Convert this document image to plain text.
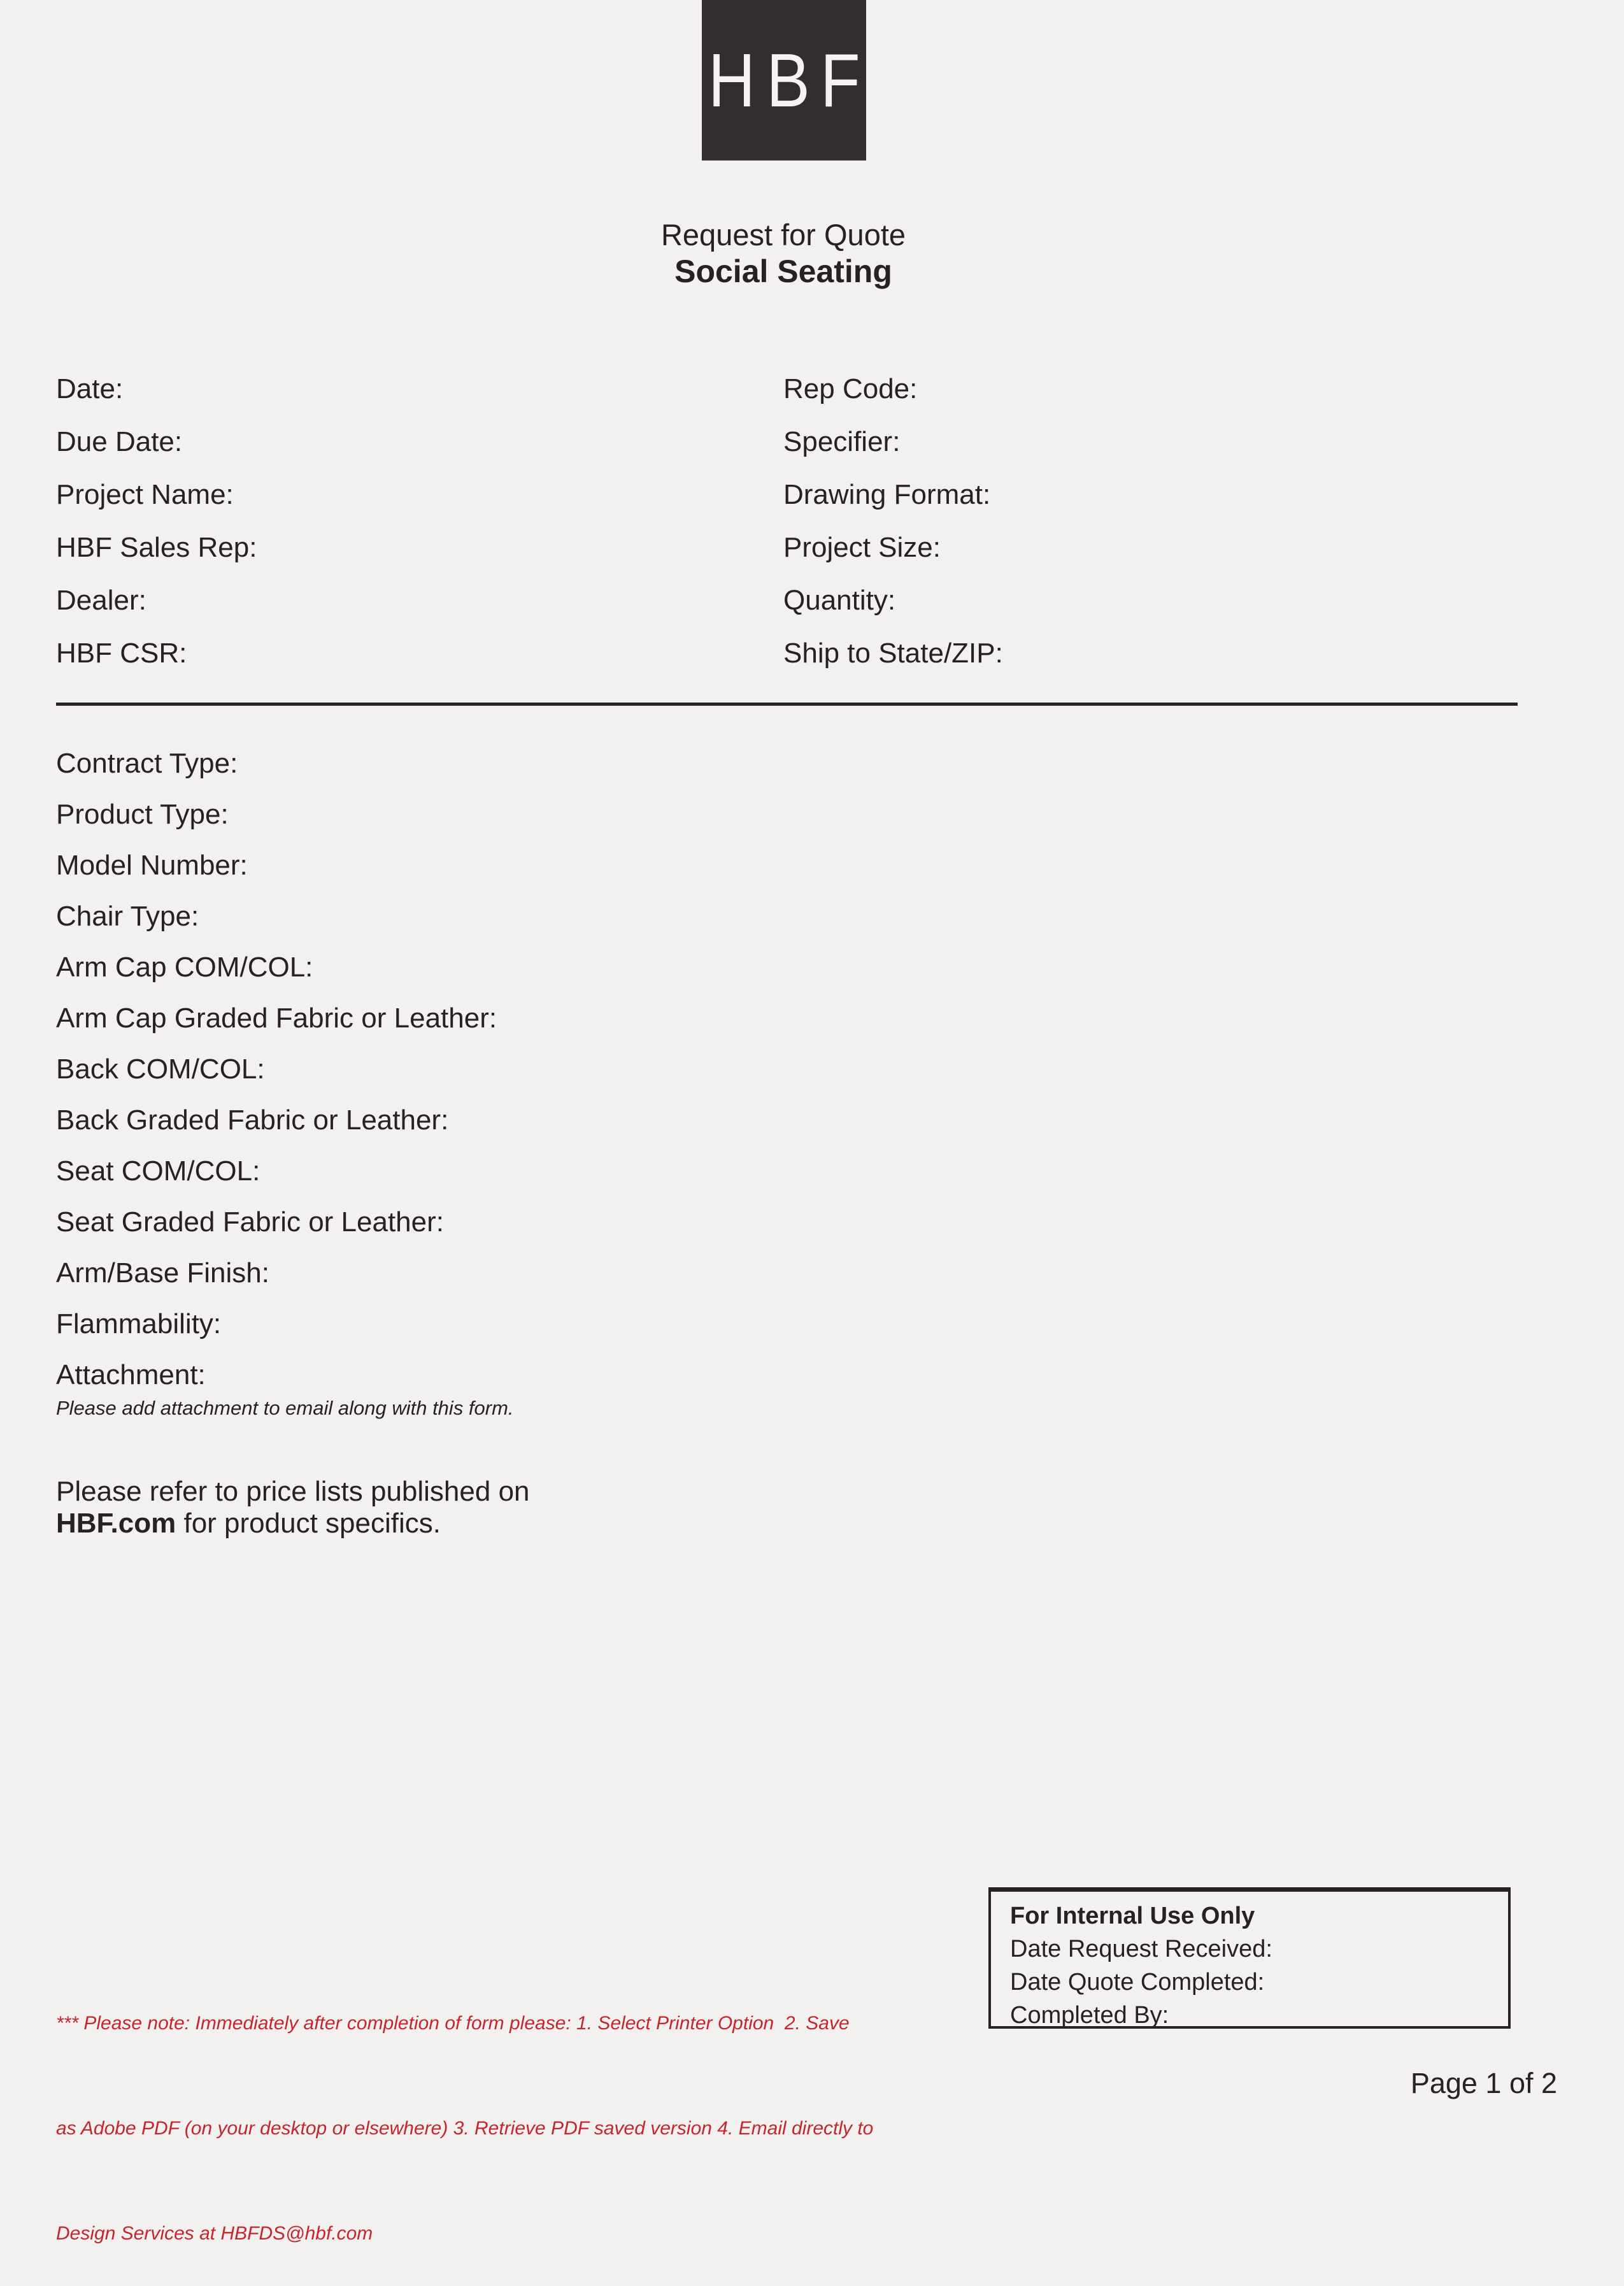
H B F
Request for Quote
Social Seating
Date:
Due Date:
Project Name:
HBF Sales Rep:
Dealer:
HBF CSR:
Rep Code:
Specifier:
Drawing Format:
Project Size:
Quantity:
Ship to State/ZIP:
Contract Type:
Product Type:
Model Number:
Chair Type:
Arm Cap COM/COL:
Arm Cap Graded Fabric or Leather:
Back COM/COL:
Back Graded Fabric or Leather:
Seat COM/COL:
Seat Graded Fabric or Leather:
Arm/Base Finish:
Flammability:
Attachment:
Please add attachment to email along with this form.
Please refer to price lists published on
HBF.com for product specifics.

*** Please note: Immediately after completion of form please: 1. Select Printer Option  2. Save

as Adobe PDF (on your desktop or elsewhere) 3. Retrieve PDF saved version 4. Email directly to

Design Services at HBFDS@hbf.com

For Internal Use Only
Date Request Received:
Date Quote Completed:
Completed By:
Page 1 of 2
